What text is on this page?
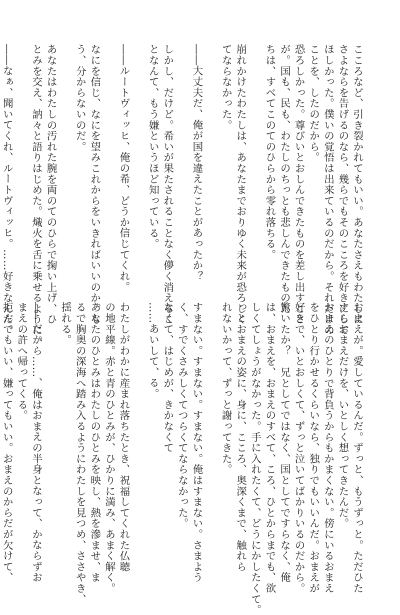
こころなど、引き裂かれてもいい。あなたさえもわたしに
さよならを告げるのなら、幾らでもそのこころを好きにして
ほしかった。僕いの覚悟は出来ているのだから。それだけの
ことを、したのだから。
恐ろしかった。尊びいとおしんできたものを差し出すこと
が。国も、民も、わたしのちっとも悲しんできたものた
ちは、すべてこのてのひらから零れ落ちる。

崩れかけたわたしは、あなたまでおりゆく未来が恐ろしく
てならなかった。

――大丈夫だ、俺が国を違えたことがあったか？

しかし、だけど。希いが果たされることなく儚く消えるこ
となんて、もう嫌というほど知っている。

――ルートヴィッヒ、俺の希、どうか信じてくれ。

なにを信じ、なにを望みこれからをいきればいいのか。も
う、分からないのだ。

あなたはわたしの汚れた腕を両のてのひらで掬い上げ、ひ
とみを交え、訥々と語りはじめた。熾火を舌に乗せるように。

――なぁ、聞いてくれ、ルートヴィッヒ。……好きなんだ。
おまえが。愛しているんだ。ずっと、もうずっと。ただひた
すらおまえだけを、いとしく想ってきたんだ。
おまえのひとりで背負うからもかまくない。傍にいるおまえ
をひとり行かせるくらいなら、独りでもいいんだ。おまえが
好きで、いとおしくて、ずっと泣いてばかりいるのだから。
驚いたか？　兄としてではなく、国としてですらなく、俺
は、おまえを、おまえのすべて、ころ、ひとからまでも、欲
しくてしょうがなかった。手に入れたくて、どうにかしたくて。
っとおまえの姿に、身に、こころ、奥深くまで、触れら
れないかって、ずっと謝ってきた。

すまない。すまない。すまない。俺はすまない。さまよう
く、すでくさみしくてつらくてならなかった。
なくて、はじめが、きかなくて
……あいして、る。

わたしがわかに産まれ落ちたとき、祝福してくれた仏聴
の地平線。赤と青のひとみが、ひかりに満み、あまく解く。
あなたのひとみはわたしのひとみを映し、熱を滲ませ、ま
るで胸奥の深海へ踏み入るようにわたしを見つめ、ささやき、
揺れる。

――だから……、俺はおまえの半身となって、かならずお
まえの許へ帰ってくる。
拒んでもいい、嫌ってもいい。おまえのからだが欠けて、
